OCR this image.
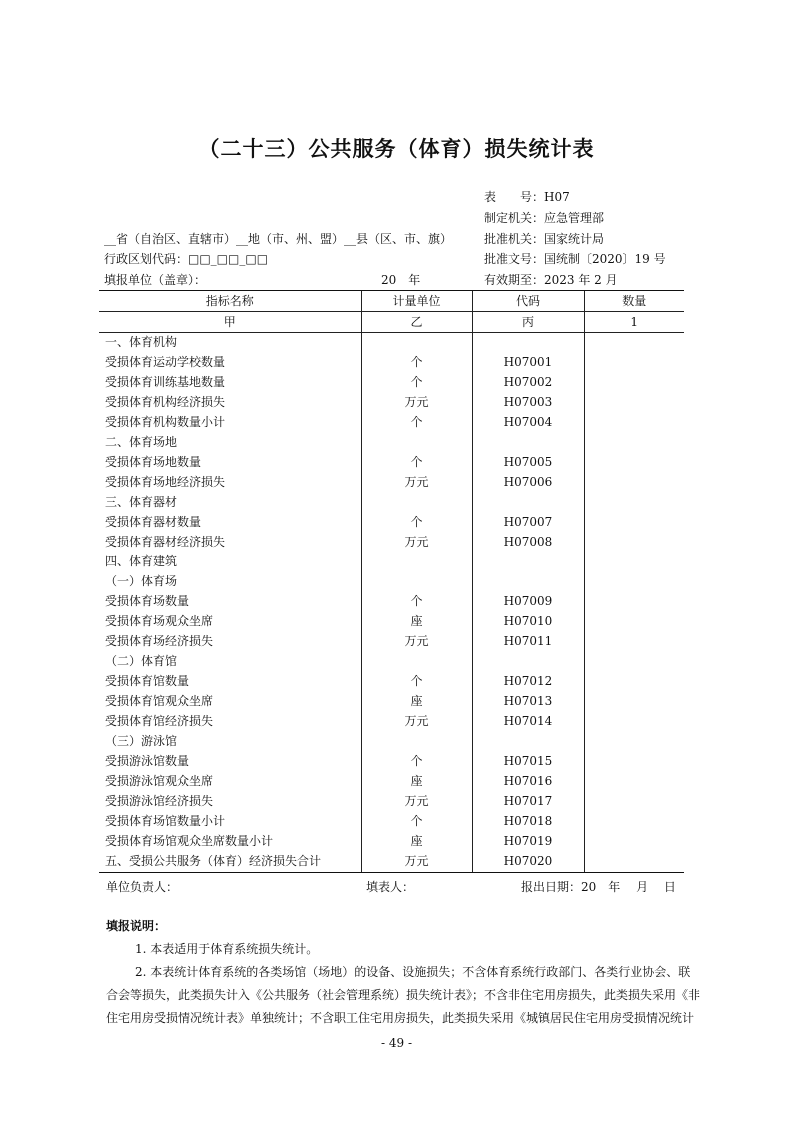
（二十三）公共服务（体育）损失统计表
表　　号：H07
制定机关：应急管理部
批准机关：国家统计局
批准文号：国统制〔2020〕19 号
有效期至：2023 年 2 月
__省（自治区、直辖市）__地（市、州、盟）__县（区、市、旗）
行政区划代码：□□_□□_□□
填报单位（盖章）：	20　年
指标名称	计量单位	代码	数量
甲	乙	丙	1
一、体育机构			
受损体育运动学校数量	个	H07001	
受损体育训练基地数量	个	H07002	
受损体育机构经济损失	万元	H07003	
受损体育机构数量小计	个	H07004	
二、体育场地			
受损体育场地数量	个	H07005	
受损体育场地经济损失	万元	H07006	
三、体育器材			
受损体育器材数量	个	H07007	
受损体育器材经济损失	万元	H07008	
四、体育建筑			
（一）体育场			
受损体育场数量	个	H07009	
受损体育场观众坐席	座	H07010	
受损体育场经济损失	万元	H07011	
（二）体育馆			
受损体育馆数量	个	H07012	
受损体育馆观众坐席	座	H07013	
受损体育馆经济损失	万元	H07014	
（三）游泳馆			
受损游泳馆数量	个	H07015	
受损游泳馆观众坐席	座	H07016	
受损游泳馆经济损失	万元	H07017	
受损体育场馆数量小计	个	H07018	
受损体育场馆观众坐席数量小计	座	H07019	
五、受损公共服务（体育）经济损失合计	万元	H07020	
单位负责人：	填表人：	报出日期：20　年　 月　 日
填报说明：
1. 本表适用于体育系统损失统计。
2. 本表统计体育系统的各类场馆（场地）的设备、设施损失；不含体育系统行政部门、各类行业协会、联
合会等损失，此类损失计入《公共服务（社会管理系统）损失统计表》；不含非住宅用房损失，此类损失采用《非
住宅用房受损情况统计表》单独统计；不含职工住宅用房损失，此类损失采用《城镇居民住宅用房受损情况统计
- 49 -
